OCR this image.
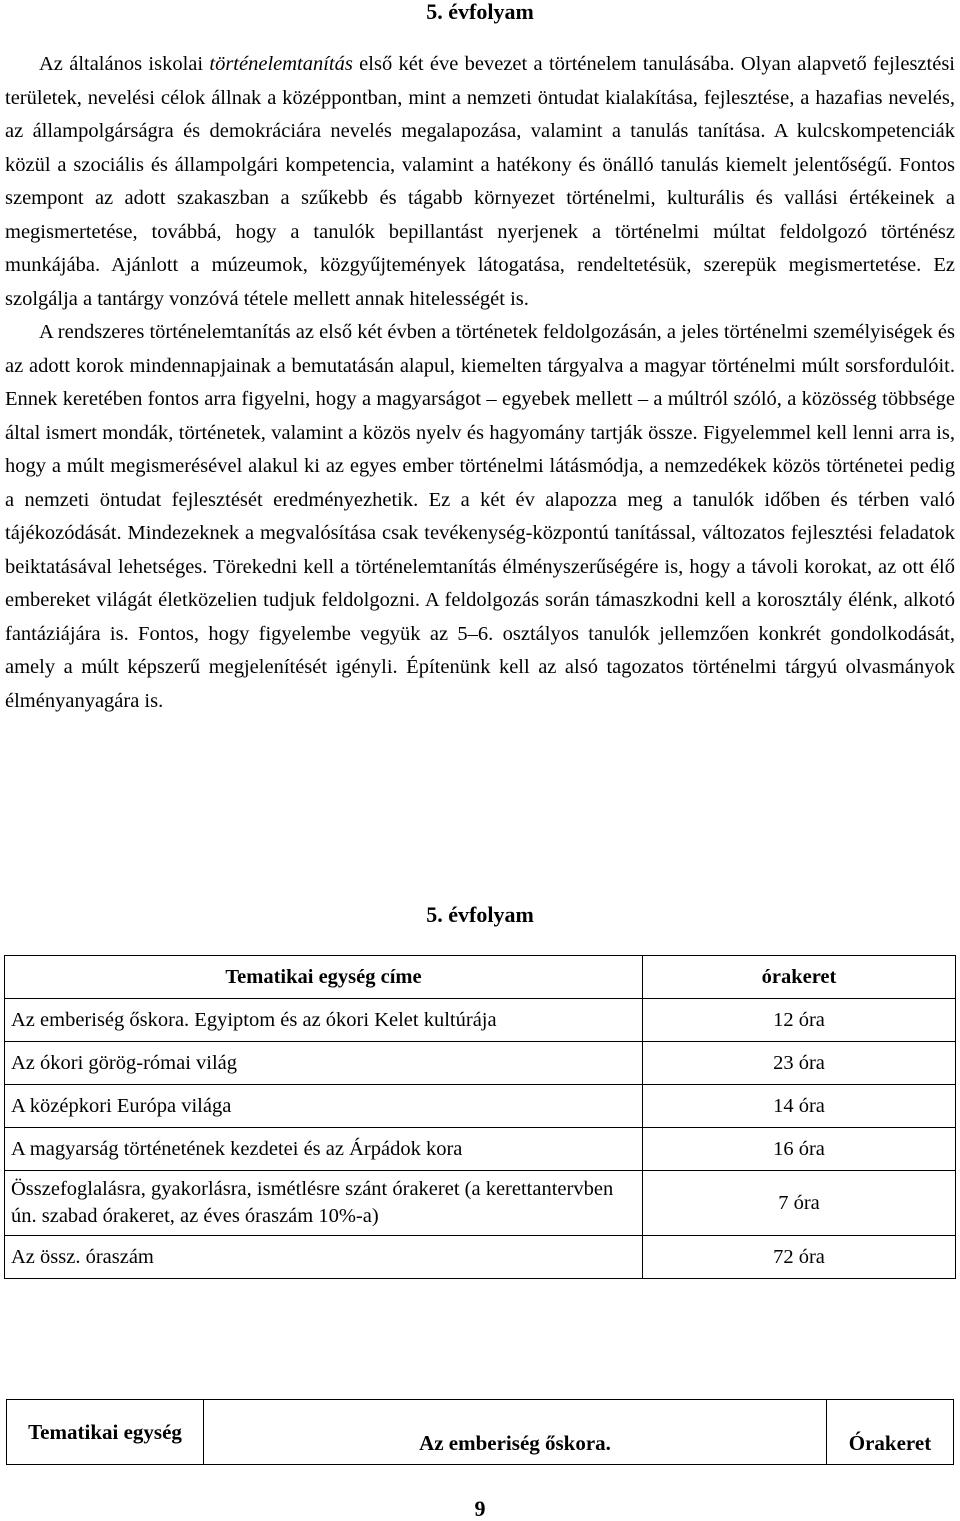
5. évfolyam

Az általános iskolai történelemtanítás első két éve bevezet a történelem tanulásába. Olyan alapvető fejlesztési területek, nevelési célok állnak a középpontban, mint a nemzeti öntudat kialakítása, fejlesztése, a hazafias nevelés, az állampolgárságra és demokráciára nevelés megalapozása, valamint a tanulás tanítása. A kulcskompetenciák közül a szociális és állampolgári kompetencia, valamint a hatékony és önálló tanulás kiemelt jelentőségű. Fontos szempont az adott szakaszban a szűkebb és tágabb környezet történelmi, kulturális és vallási értékeinek a megismertetése, továbbá, hogy a tanulók bepillantást nyerjenek a történelmi múltat feldolgozó történész munkájába. Ajánlott a múzeumok, közgyűjtemények látogatása, rendeltetésük, szerepük megismertetése. Ez szolgálja a tantárgy vonzóvá tétele mellett annak hitelességét is.

A rendszeres történelemtanítás az első két évben a történetek feldolgozásán, a jeles történelmi személyiségek és az adott korok mindennapjainak a bemutatásán alapul, kiemelten tárgyalva a magyar történelmi múlt sorsfordulóit. Ennek keretében fontos arra figyelni, hogy a magyarságot – egyebek mellett – a múltról szóló, a közösség többsége által ismert mondák, történetek, valamint a közös nyelv és hagyomány tartják össze. Figyelemmel kell lenni arra is, hogy a múlt megismerésével alakul ki az egyes ember történelmi látásmódja, a nemzedékek közös történetei pedig a nemzeti öntudat fejlesztését eredményezhetik. Ez a két év alapozza meg a tanulók időben és térben való tájékozódását. Mindezeknek a megvalósítása csak tevékenység-központú tanítással, változatos fejlesztési feladatok beiktatásával lehetséges. Törekedni kell a történelemtanítás élményszerűségére is, hogy a távoli korokat, az ott élő embereket világát életközelien tudjuk feldolgozni. A feldolgozás során támaszkodni kell a korosztály élénk, alkotó fantáziájára is. Fontos, hogy figyelembe vegyük az 5–6. osztályos tanulók jellemzően konkrét gondolkodását, amely a múlt képszerű megjelenítését igényli. Építenünk kell az alsó tagozatos történelmi tárgyú olvasmányok élményanyagára is.

5. évfolyam
Tematikai egység címe	órakeret
Az emberiség őskora. Egyiptom és az ókori Kelet kultúrája	12 óra
Az ókori görög-római világ	23 óra
A középkori Európa világa	14 óra
A magyarság történetének kezdetei és az Árpádok kora	16 óra
Összefoglalásra, gyakorlásra, ismétlésre szánt órakeret (a kerettantervben ún. szabad órakeret, az éves óraszám 10%-a)	7 óra
Az össz. óraszám	72 óra
Tematikai egység	Az emberiség őskora.	Órakeret
9
